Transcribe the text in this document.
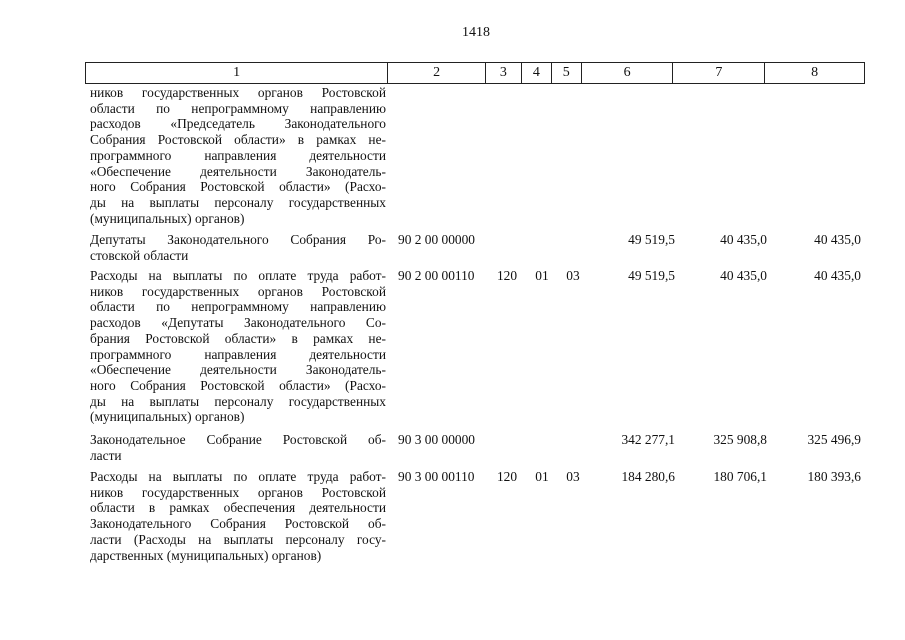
1418
1	2	3	4	5	6	7	8
ников государственных органов Ростовской
области по непрограммному направлению
расходов «Председатель Законодательного
Собрания Ростовской области» в рамках не-
программного направления деятельности
«Обеспечение деятельности Законодатель-
ного Собрания Ростовской области» (Расхо-
ды на выплаты персоналу государственных
(муниципальных) органов)
Депутаты Законодательного Собрания Ро-
стовской области
90 2 00 00000	49 519,5	40 435,0	40 435,0
Расходы на выплаты по оплате труда работ-
ников государственных органов Ростовской
области по непрограммному направлению
расходов «Депутаты Законодательного Со-
брания Ростовской области» в рамках не-
программного направления деятельности
«Обеспечение деятельности Законодатель-
ного Собрания Ростовской области» (Расхо-
ды на выплаты персоналу государственных
(муниципальных) органов)
90 2 00 00110 120 01 03	49 519,5	40 435,0	40 435,0
Законодательное Собрание Ростовской об-
ласти
90 3 00 00000	342 277,1	325 908,8	325 496,9
Расходы на выплаты по оплате труда работ-
ников государственных органов Ростовской
области в рамках обеспечения деятельности
Законодательного Собрания Ростовской об-
ласти (Расходы на выплаты персоналу госу-
дарственных (муниципальных) органов)
90 3 00 00110 120 01 03	184 280,6	180 706,1	180 393,6
